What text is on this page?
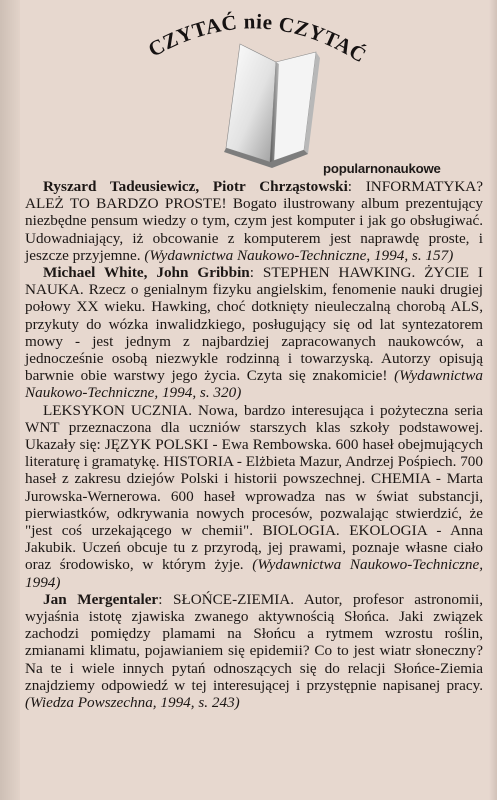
CZYTAĆ nie CZYTAĆ
popularnonaukowe

Ryszard Tadeusiewicz, Piotr Chrząstowski: INFORMATYKA? ALEŻ TO BARDZO PROSTE! Bogato ilustrowany album prezentujący niezbędne pensum wiedzy o tym, czym jest komputer i jak go obsługiwać. Udowadniający, iż obcowanie z komputerem jest naprawdę proste, i jeszcze przyjemne. (Wydawnictwa Naukowo-Techniczne, 1994, s. 157)

Michael White, John Gribbin: STEPHEN HAWKING. ŻYCIE I NAUKA. Rzecz o genialnym fizyku angielskim, fenomenie nauki drugiej połowy XX wieku. Hawking, choć dotknięty nieuleczalną chorobą ALS, przykuty do wózka inwalidzkiego, posługujący się od lat syntezatorem mowy - jest jednym z najbardziej zapracowanych naukowców, a jednocześnie osobą niezwykle rodzinną i towarzyską. Autorzy opisują barwnie obie warstwy jego życia. Czyta się znakomicie! (Wydawnictwa Naukowo-Techniczne, 1994, s. 320)

LEKSYKON UCZNIA. Nowa, bardzo interesująca i pożyteczna seria WNT przeznaczona dla uczniów starszych klas szkoły podstawowej. Ukazały się: JĘZYK POLSKI - Ewa Rembowska. 600 haseł obejmujących literaturę i gramatykę. HISTORIA - Elżbieta Mazur, Andrzej Pośpiech. 700 haseł z zakresu dziejów Polski i historii powszechnej. CHEMIA - Marta Jurowska-Wernerowa. 600 haseł wprowadza nas w świat substancji, pierwiastków, odkrywania nowych procesów, pozwalając stwierdzić, że "jest coś urzekającego w chemii". BIOLOGIA. EKOLOGIA - Anna Jakubik. Uczeń obcuje tu z przyrodą, jej prawami, poznaje własne ciało oraz środowisko, w którym żyje. (Wydawnictwa Naukowo-Techniczne, 1994)

Jan Mergentaler: SŁOŃCE-ZIEMIA. Autor, profesor astronomii, wyjaśnia istotę zjawiska zwanego aktywnością Słońca. Jaki związek zachodzi pomiędzy plamami na Słońcu a rytmem wzrostu roślin, zmianami klimatu, pojawianiem się epidemii? Co to jest wiatr słoneczny? Na te i wiele innych pytań odnoszących się do relacji Słońce-Ziemia znajdziemy odpowiedź w tej interesującej i przystępnie napisanej pracy. (Wiedza Powszechna, 1994, s. 243)
